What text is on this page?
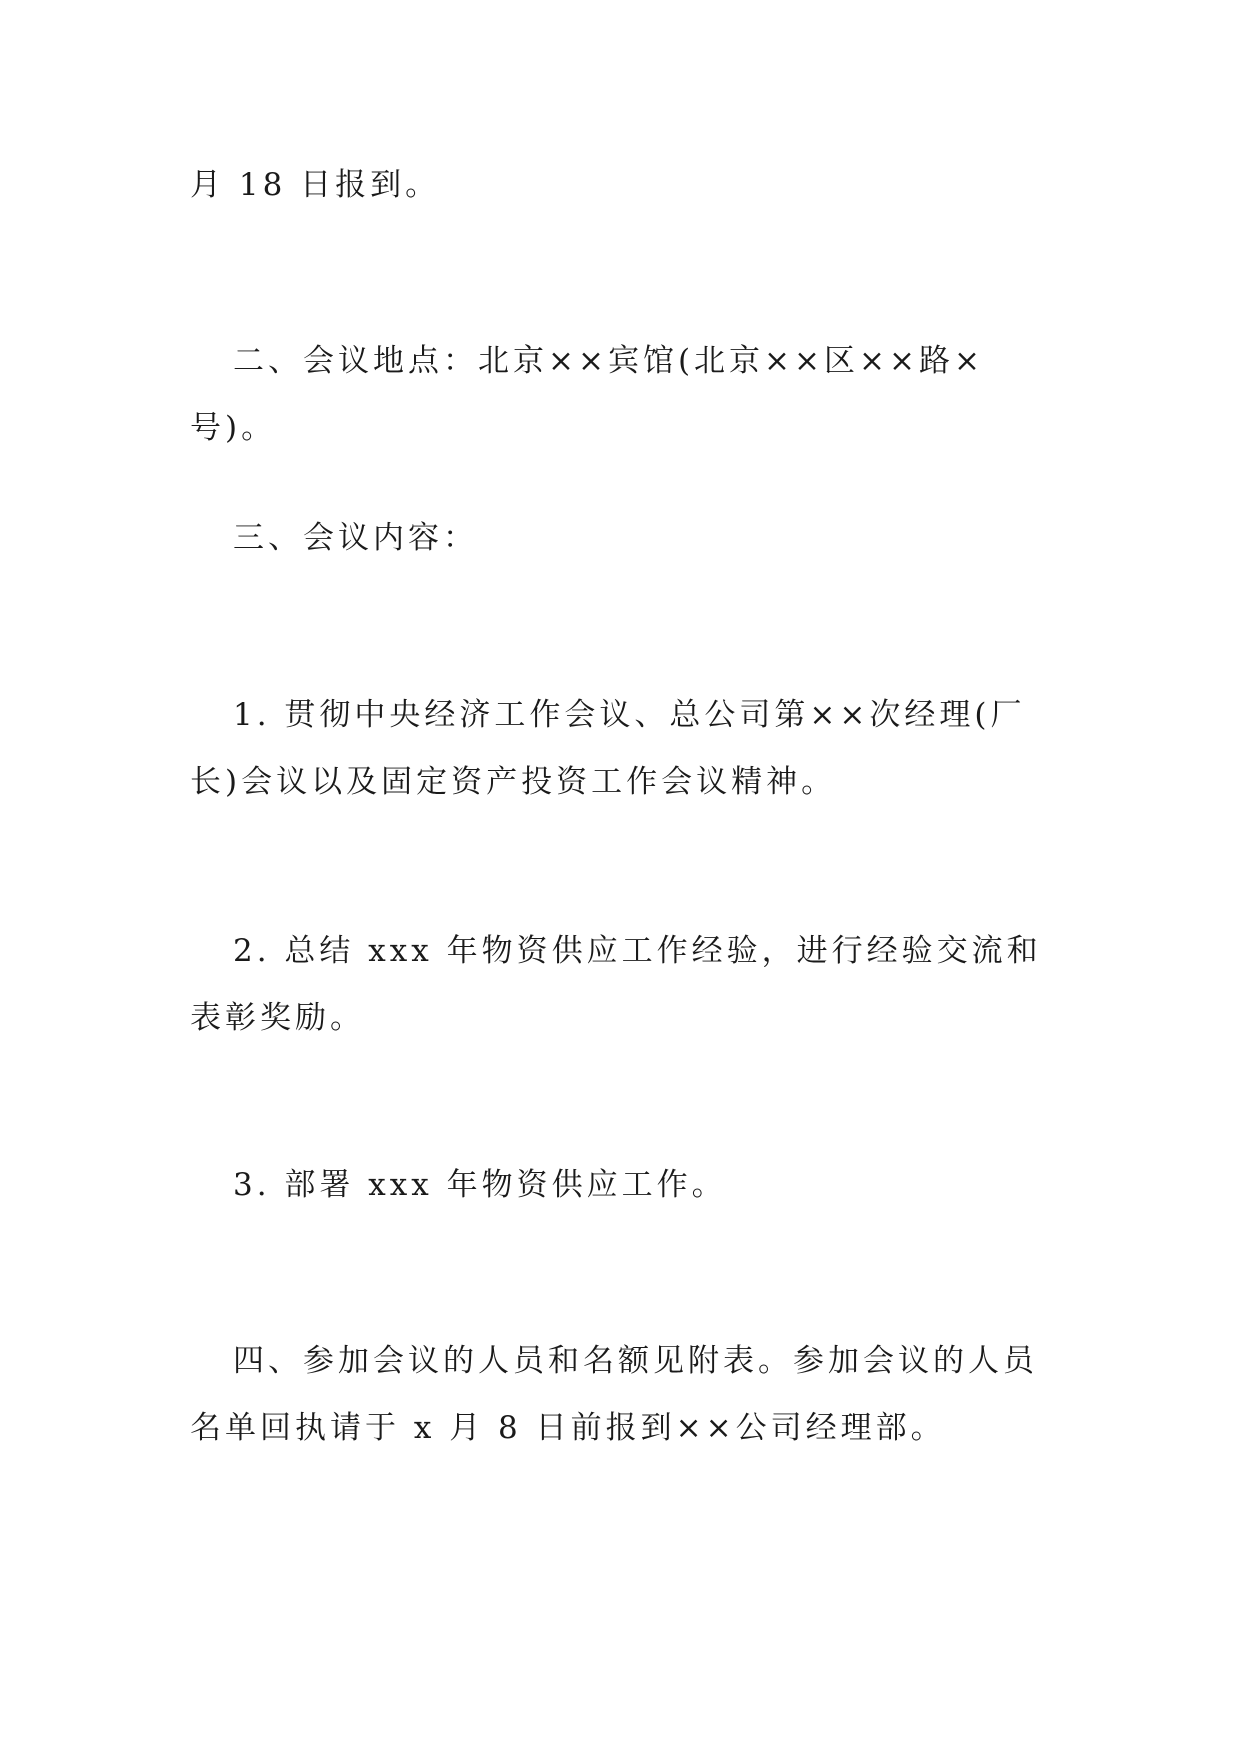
月 18 日报到。

二、会议地点：北京××宾馆(北京××区××路×号)。

三、会议内容：

1. 贯彻中央经济工作会议、总公司第××次经理(厂长)会议以及固定资产投资工作会议精神。

2. 总结 xxx 年物资供应工作经验，进行经验交流和表彰奖励。

3. 部署 xxx 年物资供应工作。

四、参加会议的人员和名额见附表。参加会议的人员名单回执请于 x 月 8 日前报到××公司经理部。
